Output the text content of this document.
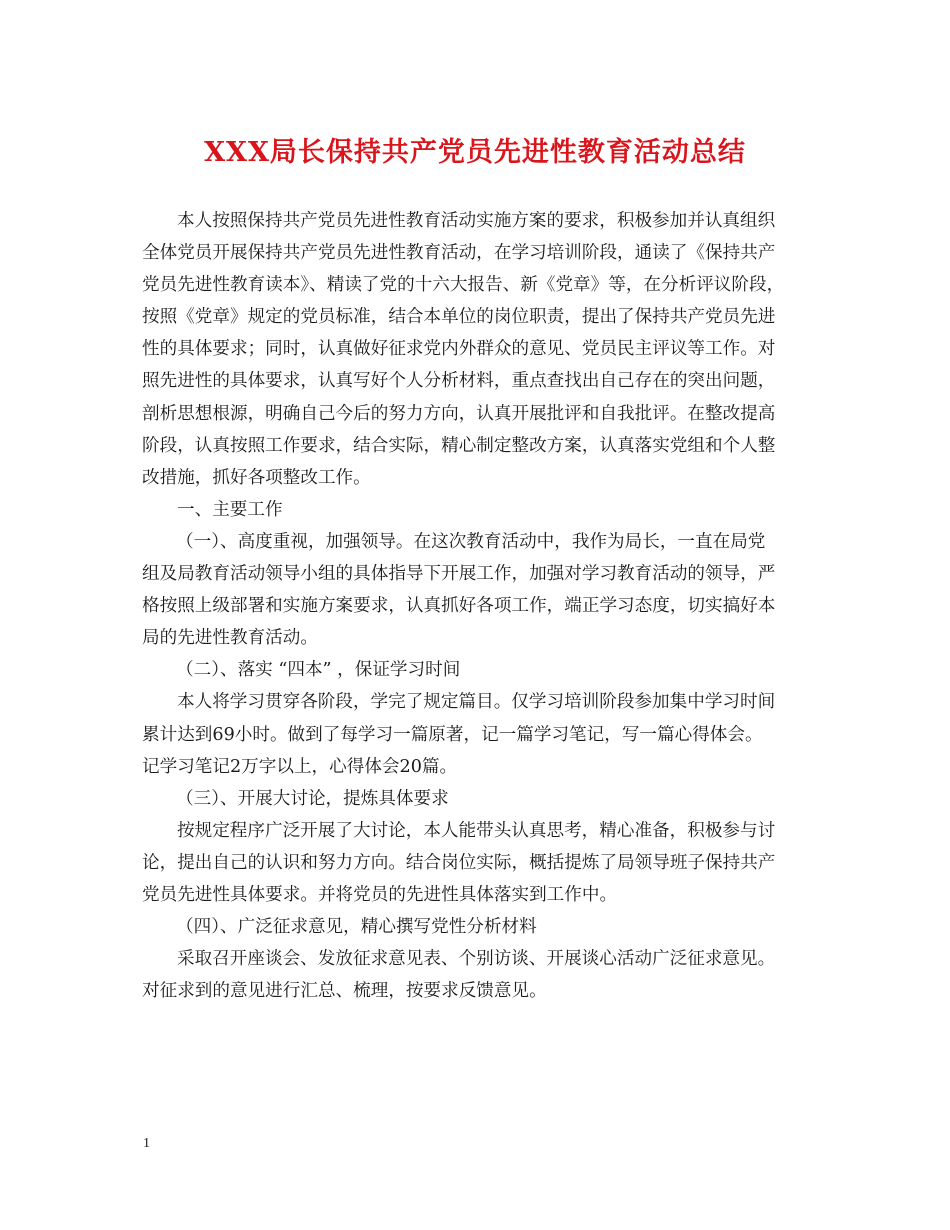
XXX局长保持共产党员先进性教育活动总结
本人按照保持共产党员先进性教育活动实施方案的要求，积极参加并认真组织
全体党员开展保持共产党员先进性教育活动，在学习培训阶段，通读了《保持共产
党员先进性教育读本》、精读了党的十六大报告、新《党章》等，在分析评议阶段，
按照《党章》规定的党员标准，结合本单位的岗位职责，提出了保持共产党员先进
性的具体要求；同时，认真做好征求党内外群众的意见、党员民主评议等工作。对
照先进性的具体要求，认真写好个人分析材料，重点查找出自己存在的突出问题，
剖析思想根源，明确自己今后的努力方向，认真开展批评和自我批评。在整改提高
阶段，认真按照工作要求，结合实际，精心制定整改方案，认真落实党组和个人整
改措施，抓好各项整改工作。
一、主要工作
（一）、高度重视，加强领导。在这次教育活动中，我作为局长，一直在局党
组及局教育活动领导小组的具体指导下开展工作，加强对学习教育活动的领导，严
格按照上级部署和实施方案要求，认真抓好各项工作，端正学习态度，切实搞好本
局的先进性教育活动。
（二）、落实 “四本” ，保证学习时间
本人将学习贯穿各阶段，学完了规定篇目。仅学习培训阶段参加集中学习时间
累计达到69小时。做到了每学习一篇原著，记一篇学习笔记，写一篇心得体会。
记学习笔记2万字以上，心得体会20篇。
（三）、开展大讨论，提炼具体要求
按规定程序广泛开展了大讨论，本人能带头认真思考，精心准备，积极参与讨
论，提出自己的认识和努力方向。结合岗位实际，概括提炼了局领导班子保持共产
党员先进性具体要求。并将党员的先进性具体落实到工作中。
（四）、广泛征求意见，精心撰写党性分析材料
采取召开座谈会、发放征求意见表、个别访谈、开展谈心活动广泛征求意见。
对征求到的意见进行汇总、梳理，按要求反馈意见。
1
